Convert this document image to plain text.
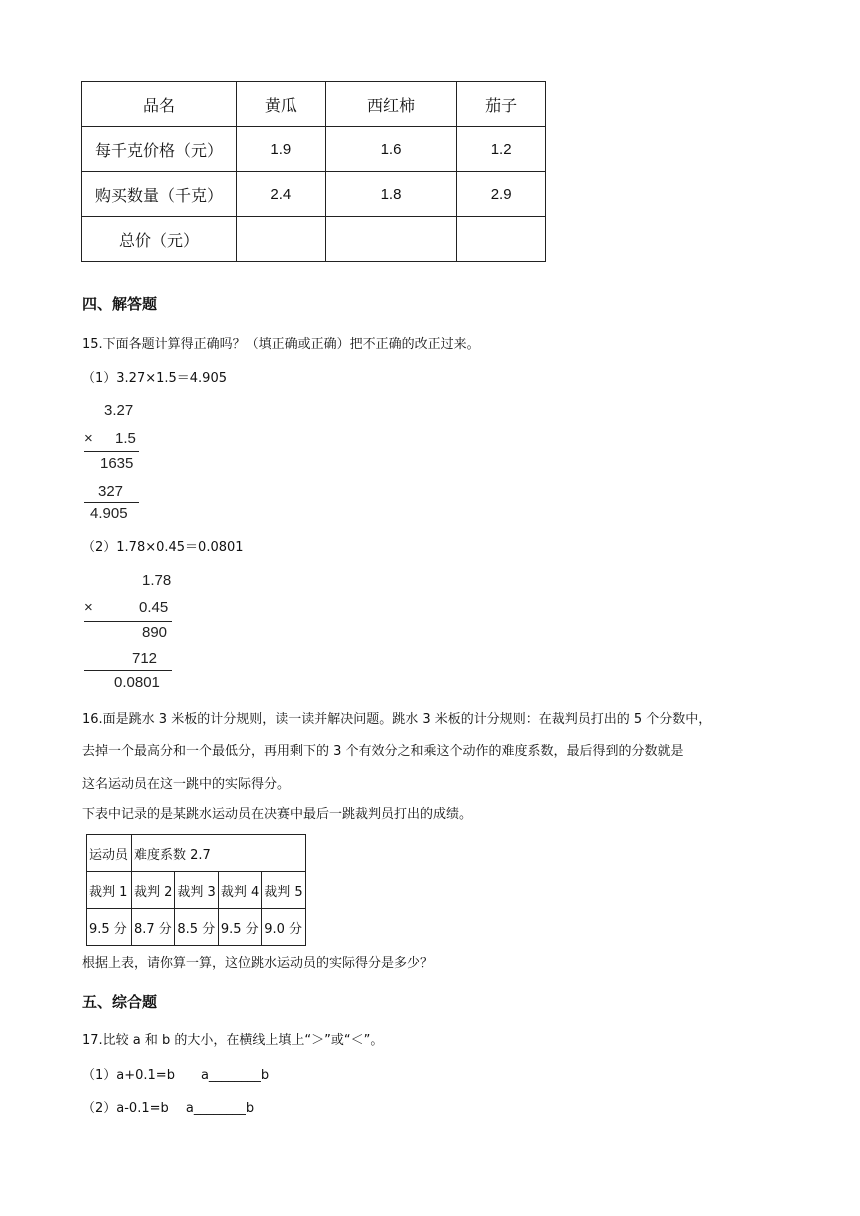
品名	黄瓜	西红柿	茄子
每千克价格（元）	1.9	1.6	1.2
购买数量（千克）	2.4	1.8	2.9
总价（元）			
四、解答题
15.下面各题计算得正确吗？（填正确或正确）把不正确的改正过来。
（1）3.27×1.5＝4.905
3.27
× 1.5
1635
327
4.905
（2）1.78×0.45＝0.0801
1.78
×	0.45
890
712
0.0801
16.面是跳水 3 米板的计分规则，读一读并解决问题。跳水 3 米板的计分规则：在裁判员打出的 5 个分数中，
去掉一个最高分和一个最低分，再用剩下的 3 个有效分之和乘这个动作的难度系数，最后得到的分数就是
这名运动员在这一跳中的实际得分。
下表中记录的是某跳水运动员在决赛中最后一跳裁判员打出的成绩。
运动员	难度系数 2.7			
裁判 1	裁判 2	裁判 3	裁判 4	裁判 5
9.5 分	8.7 分	8.5 分	9.5 分	9.0 分
根据上表，请你算一算，这位跳水运动员的实际得分是多少？
五、综合题
17.比较 a 和 b 的大小，在横线上填上“＞”或“＜”。
（1）a+0.1=b　　a________b
（2）a-0.1=b　 a________b
